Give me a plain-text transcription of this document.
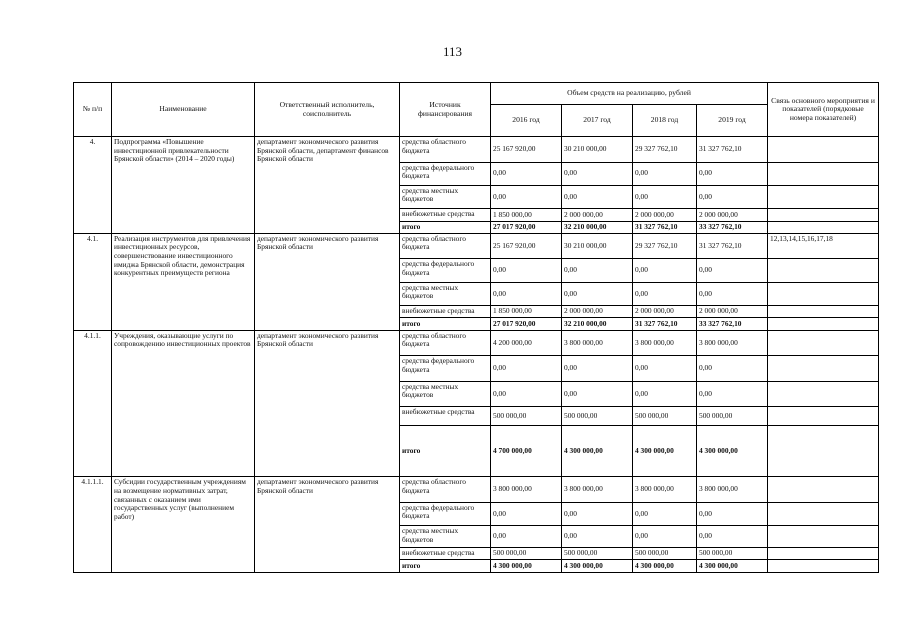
113
№ п/п	Наименование	Ответственный исполнитель, соисполнитель	Источник финансирования	Объем средств на реализацию, рублей				Связь основного мероприятия и показателей (порядковые номера показателей)
				2016 год	2017 год	2018 год	2019 год	
4.	Подпрограмма «Повышение инвестиционной привлекательности Брянской области» (2014 – 2020 годы)	департамент экономического развития Брянской области, департамент финансов Брянской области	средства областного бюджета	25 167 920,00	30 210 000,00	29 327 762,10	31 327 762,10	
			средства федерального бюджета	0,00	0,00	0,00	0,00	
			средства местных бюджетов	0,00	0,00	0,00	0,00	
			внебюжетные средства	1 850 000,00	2 000 000,00	2 000 000,00	2 000 000,00	
			итого	27 017 920,00	32 210 000,00	31 327 762,10	33 327 762,10	
4.1.	Реализация инструментов для привлечения инвестиционных ресурсов, совершенствование инвестиционного имиджа Брянской области, демонстрация конкурентных преимуществ региона	департамент экономического развития Брянской области	средства областного бюджета	25 167 920,00	30 210 000,00	29 327 762,10	31 327 762,10	12,13,14,15,16,17,18
			средства федерального бюджета	0,00	0,00	0,00	0,00	
			средства местных бюджетов	0,00	0,00	0,00	0,00	
			внебюжетные средства	1 850 000,00	2 000 000,00	2 000 000,00	2 000 000,00	
			итого	27 017 920,00	32 210 000,00	31 327 762,10	33 327 762,10	
4.1.1.	Учреждения, оказывающие услуги по сопровождению инвестиционных проектов	департамент экономического развития Брянской области	средства областного бюджета	4 200 000,00	3 800 000,00	3 800 000,00	3 800 000,00	
			средства федерального бюджета	0,00	0,00	0,00	0,00	
			средства местных бюджетов	0,00	0,00	0,00	0,00	
			внебюжетные средства	500 000,00	500 000,00	500 000,00	500 000,00	
			итого	4 700 000,00	4 300 000,00	4 300 000,00	4 300 000,00	
4.1.1.1.	Субсидии государственным учреждениям на возмещение нормативных затрат, связанных с оказанием ими государственных услуг (выполнением работ)	департамент экономического развития Брянской области	средства областного бюджета	3 800 000,00	3 800 000,00	3 800 000,00	3 800 000,00	
			средства федерального бюджета	0,00	0,00	0,00	0,00	
			средства местных бюджетов	0,00	0,00	0,00	0,00	
			внебюжетные средства	500 000,00	500 000,00	500 000,00	500 000,00	
			итого	4 300 000,00	4 300 000,00	4 300 000,00	4 300 000,00	
